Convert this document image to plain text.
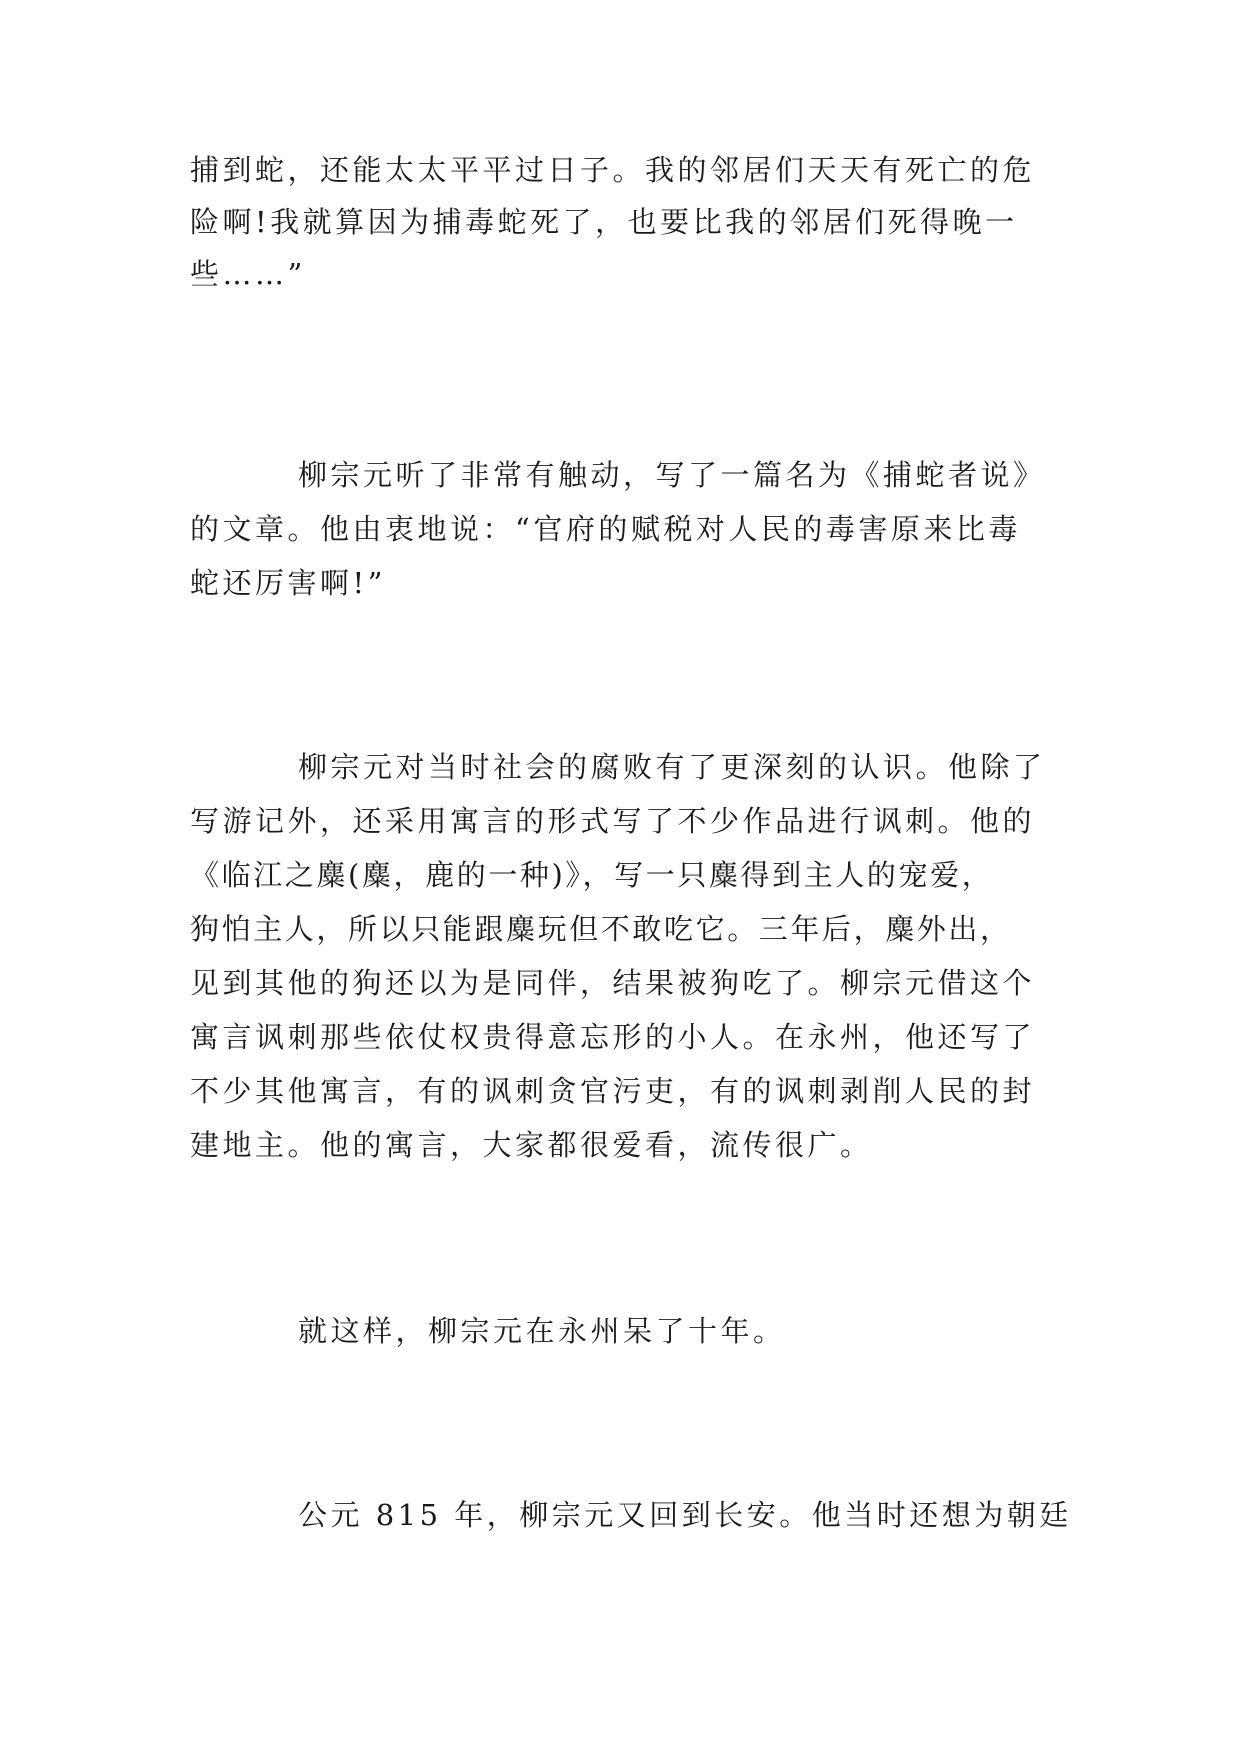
捕到蛇，还能太太平平过日子。我的邻居们天天有死亡的危
险啊!我就算因为捕毒蛇死了，也要比我的邻居们死得晚一
些……”
柳宗元听了非常有触动，写了一篇名为《捕蛇者说》
的文章。他由衷地说：“官府的赋税对人民的毒害原来比毒
蛇还厉害啊!”
柳宗元对当时社会的腐败有了更深刻的认识。他除了
写游记外，还采用寓言的形式写了不少作品进行讽刺。他的
《临江之麋(麋，鹿的一种)》，写一只麋得到主人的宠爱，
狗怕主人，所以只能跟麋玩但不敢吃它。三年后，麋外出，
见到其他的狗还以为是同伴，结果被狗吃了。柳宗元借这个
寓言讽刺那些依仗权贵得意忘形的小人。在永州，他还写了
不少其他寓言，有的讽刺贪官污吏，有的讽刺剥削人民的封
建地主。他的寓言，大家都很爱看，流传很广。
就这样，柳宗元在永州呆了十年。
公元 815 年，柳宗元又回到长安。他当时还想为朝廷
